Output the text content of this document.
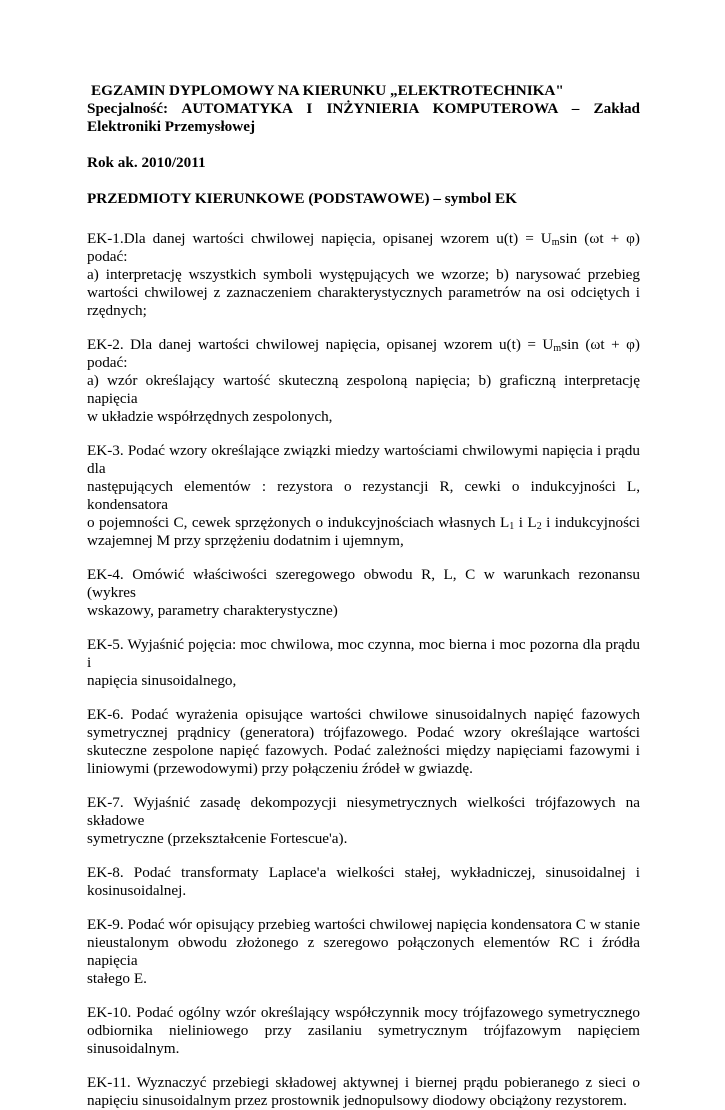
EGZAMIN DYPLOMOWY NA KIERUNKU „ELEKTROTECHNIKA"
Specjalność: AUTOMATYKA I INŻYNIERIA KOMPUTEROWA – Zakład
Elektroniki Przemysłowej
Rok ak. 2010/2011
PRZEDMIOTY KIERUNKOWE (PODSTAWOWE) – symbol EK
EK-1.Dla danej wartości chwilowej napięcia, opisanej wzorem $u(t) = U_m\sin$ (ωt + φ) podać:
a) interpretację wszystkich symboli występujących we wzorze; b) narysować przebieg
wartości chwilowej z zaznaczeniem charakterystycznych parametrów na osi odciętych i
rzędnych;
EK-2. Dla danej wartości chwilowej napięcia, opisanej wzorem $u(t) = U_m\sin$ (ωt + φ) podać:
a) wzór określający wartość skuteczną zespoloną napięcia; b) graficzną interpretację napięcia
w układzie współrzędnych zespolonych,
EK-3. Podać wzory określające związki miedzy wartościami chwilowymi napięcia i prądu dla
następujących elementów : rezystora o rezystancji R, cewki o indukcyjności L, kondensatora
o pojemności C, cewek sprzężonych o indukcyjnościach własnych $L_1$ i $L_2$ i indukcyjności
wzajemnej M przy sprzężeniu dodatnim i ujemnym,
EK-4. Omówić właściwości szeregowego obwodu R, L, C w warunkach rezonansu (wykres
wskazowy, parametry charakterystyczne)
EK-5. Wyjaśnić pojęcia: moc chwilowa, moc czynna, moc bierna i moc pozorna dla prądu i
napięcia sinusoidalnego,
EK-6. Podać wyrażenia opisujące wartości chwilowe sinusoidalnych napięć fazowych
symetrycznej prądnicy (generatora) trójfazowego. Podać wzory określające wartości
skuteczne zespolone napięć fazowych. Podać zależności między napięciami fazowymi i
liniowymi (przewodowymi) przy połączeniu źródeł w gwiazdę.
EK-7. Wyjaśnić zasadę dekompozycji niesymetrycznych wielkości trójfazowych na składowe
symetryczne (przekształcenie Fortescue'a).
EK-8. Podać transformaty Laplace'a wielkości stałej, wykładniczej, sinusoidalnej i
kosinusoidalnej.
EK-9. Podać wór opisujący przebieg wartości chwilowej napięcia kondensatora C w stanie
nieustalonym obwodu złożonego z szeregowo połączonych elementów RC i źródła napięcia
stałego E.
EK-10. Podać ogólny wzór określający współczynnik mocy trójfazowego symetrycznego
odbiornika nieliniowego przy zasilaniu symetrycznym trójfazowym napięciem
sinusoidalnym.
EK-11. Wyznaczyć przebiegi składowej aktywnej i biernej prądu pobieranego z sieci o
napięciu sinusoidalnym przez prostownik jednopulsowy diodowy obciążony rezystorem.
